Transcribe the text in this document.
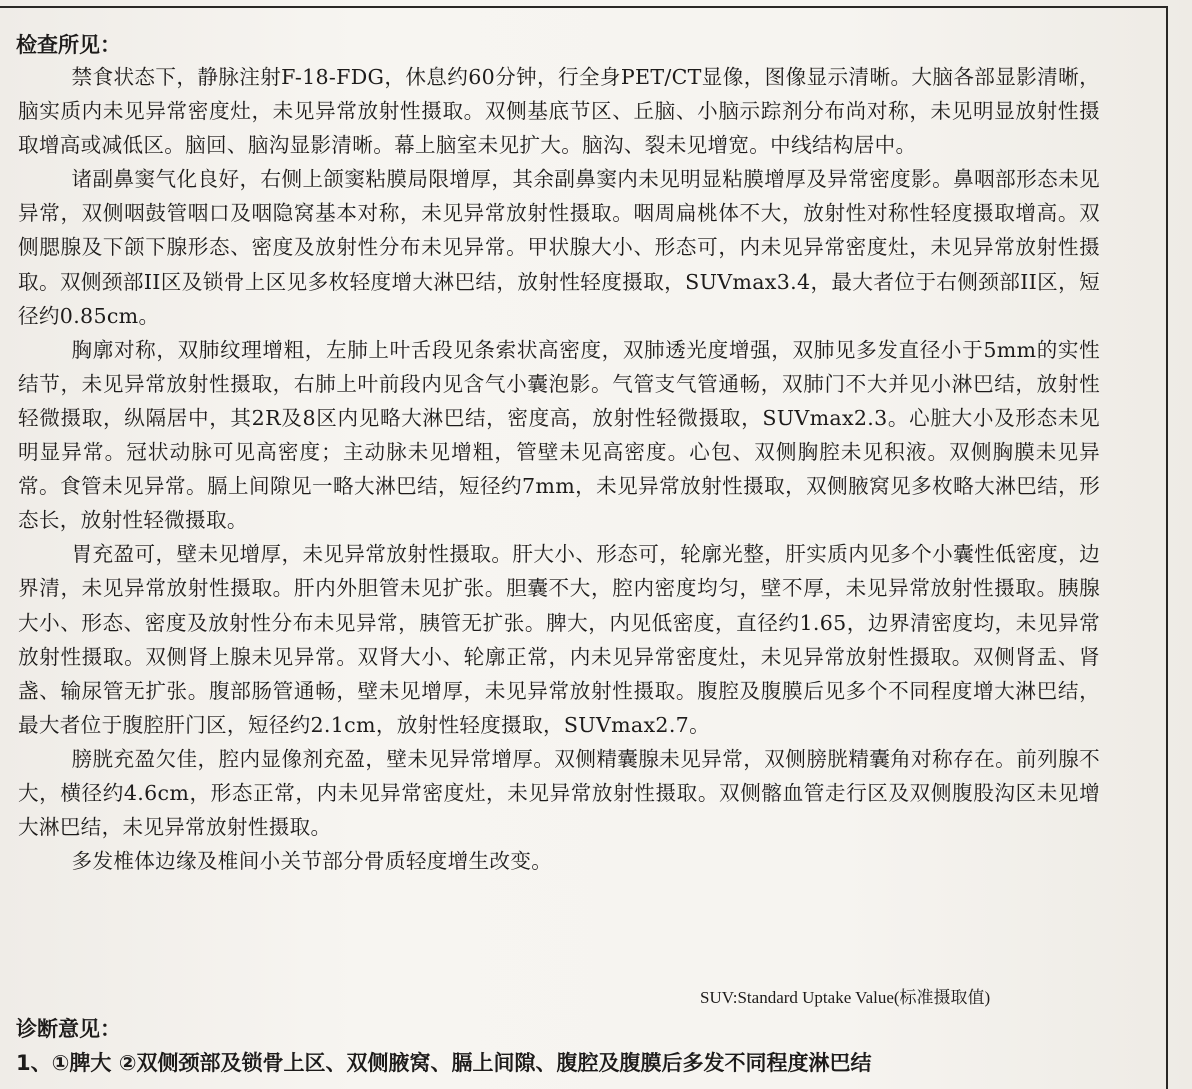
检查所见：

禁食状态下，静脉注射F-18-FDG，休息约60分钟，行全身PET/CT显像，图像显示清晰。大脑各部显影清晰，脑实质内未见异常密度灶，未见异常放射性摄取。双侧基底节区、丘脑、小脑示踪剂分布尚对称，未见明显放射性摄取增高或减低区。脑回、脑沟显影清晰。幕上脑室未见扩大。脑沟、裂未见增宽。中线结构居中。

诸副鼻窦气化良好，右侧上颌窦粘膜局限增厚，其余副鼻窦内未见明显粘膜增厚及异常密度影。鼻咽部形态未见异常，双侧咽鼓管咽口及咽隐窝基本对称，未见异常放射性摄取。咽周扁桃体不大，放射性对称性轻度摄取增高。双侧腮腺及下颌下腺形态、密度及放射性分布未见异常。甲状腺大小、形态可，内未见异常密度灶，未见异常放射性摄取。双侧颈部II区及锁骨上区见多枚轻度增大淋巴结，放射性轻度摄取，SUVmax3.4，最大者位于右侧颈部II区，短径约0.85cm。

胸廓对称，双肺纹理增粗，左肺上叶舌段见条索状高密度，双肺透光度增强，双肺见多发直径小于5mm的实性结节，未见异常放射性摄取，右肺上叶前段内见含气小囊泡影。气管支气管通畅，双肺门不大并见小淋巴结，放射性轻微摄取，纵隔居中，其2R及8区内见略大淋巴结，密度高，放射性轻微摄取，SUVmax2.3。心脏大小及形态未见明显异常。冠状动脉可见高密度；主动脉未见增粗，管壁未见高密度。心包、双侧胸腔未见积液。双侧胸膜未见异常。食管未见异常。膈上间隙见一略大淋巴结，短径约7mm，未见异常放射性摄取，双侧腋窝见多枚略大淋巴结，形态长，放射性轻微摄取。

胃充盈可，壁未见增厚，未见异常放射性摄取。肝大小、形态可，轮廓光整，肝实质内见多个小囊性低密度，边界清，未见异常放射性摄取。肝内外胆管未见扩张。胆囊不大，腔内密度均匀，壁不厚，未见异常放射性摄取。胰腺大小、形态、密度及放射性分布未见异常，胰管无扩张。脾大，内见低密度，直径约1.65，边界清密度均，未见异常放射性摄取。双侧肾上腺未见异常。双肾大小、轮廓正常，内未见异常密度灶，未见异常放射性摄取。双侧肾盂、肾盏、输尿管无扩张。腹部肠管通畅，壁未见增厚，未见异常放射性摄取。腹腔及腹膜后见多个不同程度增大淋巴结，最大者位于腹腔肝门区，短径约2.1cm，放射性轻度摄取，SUVmax2.7。

膀胱充盈欠佳，腔内显像剂充盈，壁未见异常增厚。双侧精囊腺未见异常，双侧膀胱精囊角对称存在。前列腺不大，横径约4.6cm，形态正常，内未见异常密度灶，未见异常放射性摄取。双侧髂血管走行区及双侧腹股沟区未见增大淋巴结，未见异常放射性摄取。

多发椎体边缘及椎间小关节部分骨质轻度增生改变。

SUV:Standard Uptake Value(标准摄取值)
诊断意见：
1、①脾大 ②双侧颈部及锁骨上区、双侧腋窝、膈上间隙、腹腔及腹膜后多发不同程度淋巴结
